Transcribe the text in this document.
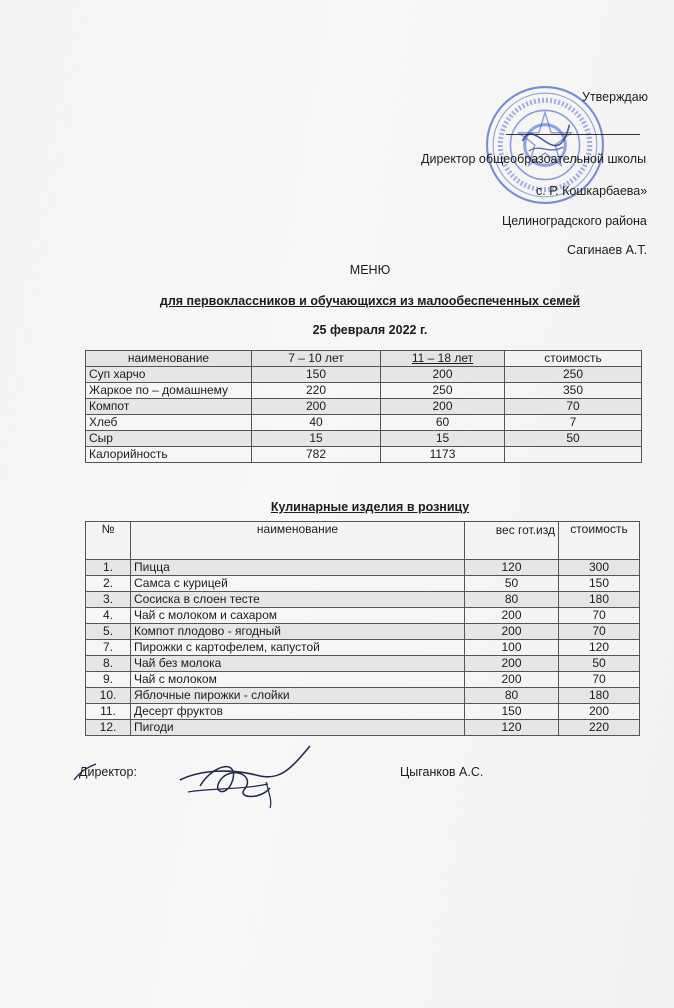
Утверждаю
Директор общеобразоательной школы
с. Р. Кошкарбаева»
Целиноградского района
Сагинаев А.Т.
МЕНЮ
для первоклассников и обучающихся из малообеспеченных семей
25 февраля 2022 г.
наименование	7 – 10 лет	11 – 18 лет	стоимость
Суп харчо	150	200	250
Жаркое по – домашнему	220	250	350
Компот	200	200	70
Хлеб	40	60	7
Сыр	15	15	50
Калорийность	782	1173	
Кулинарные изделия в розницу
№	наименование	вес гот.изд	стоимость
1.	Пицца	120	300
2.	Самса с курицей	50	150
3.	Сосиска в слоен тесте	80	180
4.	Чай с молоком и сахаром	200	70
5.	Компот плодово - ягодный	200	70
7.	Пирожки с картофелем, капустой	100	120
8.	Чай без молока	200	50
9.	Чай с молоком	200	70
10.	Яблочные пирожки - слойки	80	180
11.	Десерт фруктов	150	200
12.	Пигоди	120	220
Директор:	Цыганков А.С.
